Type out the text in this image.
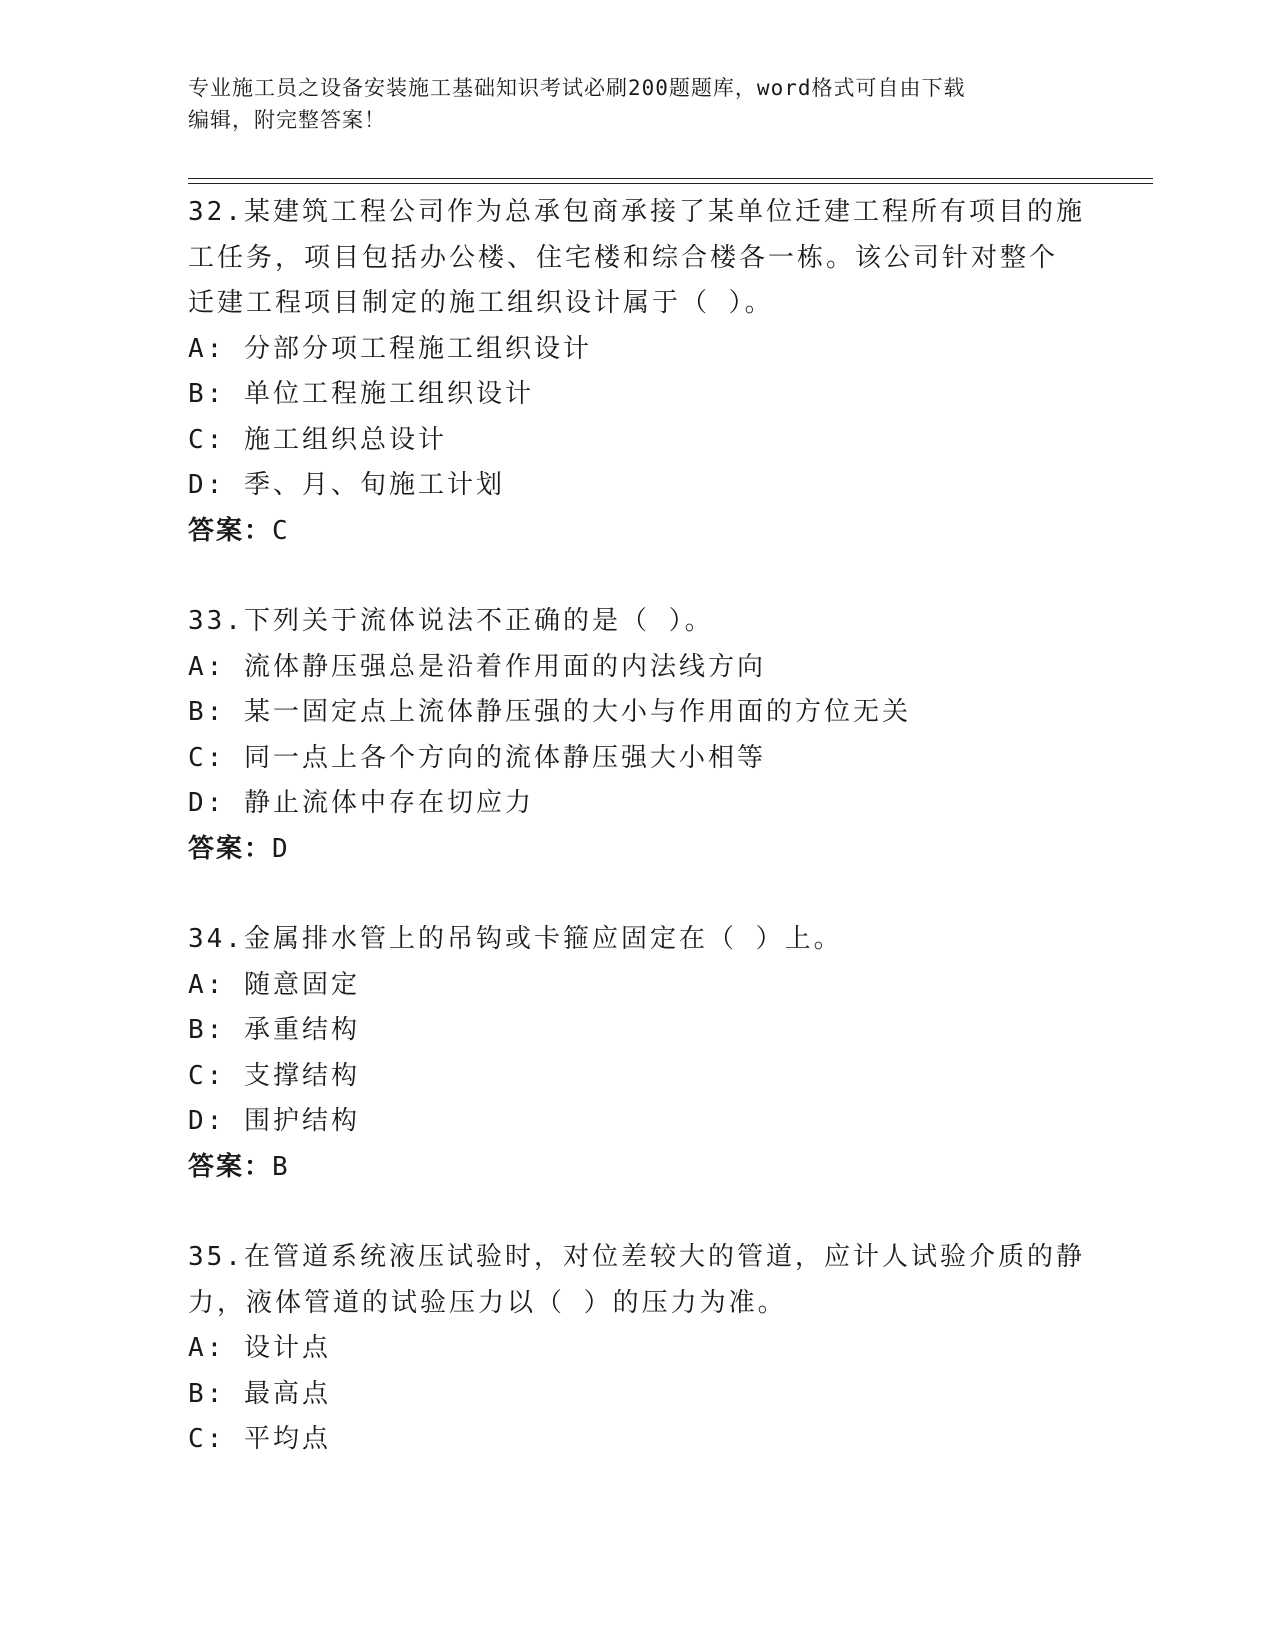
专业施工员之设备安装施工基础知识考试必刷200题题库，word格式可自由下载
编辑，附完整答案！
32.某建筑工程公司作为总承包商承接了某单位迁建工程所有项目的施
工任务，项目包括办公楼、住宅楼和综合楼各一栋。该公司针对整个
迁建工程项目制定的施工组织设计属于（ ）。
A: 分部分项工程施工组织设计
B: 单位工程施工组织设计
C: 施工组织总设计
D: 季、月、旬施工计划
答案：C
33.下列关于流体说法不正确的是（ ）。
A: 流体静压强总是沿着作用面的内法线方向
B: 某一固定点上流体静压强的大小与作用面的方位无关
C: 同一点上各个方向的流体静压强大小相等
D: 静止流体中存在切应力
答案：D
34.金属排水管上的吊钩或卡箍应固定在（ ）上。
A: 随意固定
B: 承重结构
C: 支撑结构
D: 围护结构
答案：B
35.在管道系统液压试验时，对位差较大的管道，应计人试验介质的静
力，液体管道的试验压力以（ ）的压力为准。
A: 设计点
B: 最高点
C: 平均点
